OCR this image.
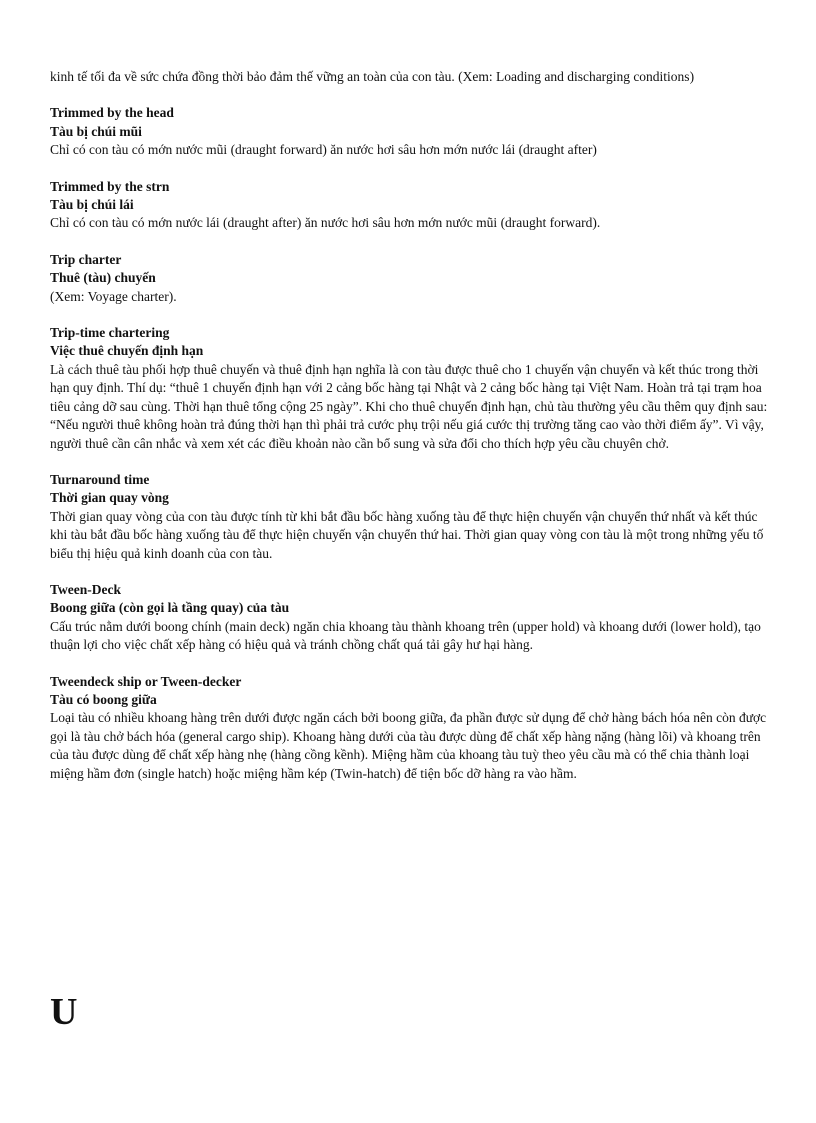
kinh tế tối đa về sức chứa đồng thời bảo đảm thế vững an toàn của con tàu. (Xem: Loading and discharging conditions)

Trimmed by the head
Tàu bị chúi mũi
Chỉ có con tàu có mớn nước mũi (draught forward) ăn nước hơi sâu hơn mớn nước lái (draught after)
Trimmed by the strn
Tàu bị chúi lái
Chỉ có con tàu có mớn nước lái (draught after) ăn nước hơi sâu hơn mớn nước mũi (draught forward).
Trip charter
Thuê (tàu) chuyến
(Xem: Voyage charter).
Trip-time chartering
Việc thuê chuyến định hạn
Là cách thuê tàu phối hợp thuê chuyến và thuê định hạn nghĩa là con tàu được thuê cho 1 chuyến vận chuyển và kết thúc trong thời hạn quy định. Thí dụ: “thuê 1 chuyến định hạn với 2 cảng bốc hàng tại Nhật và 2 cảng bốc hàng tại Việt Nam. Hoàn trả tại trạm hoa tiêu cảng dỡ sau cùng. Thời hạn thuê tổng cộng 25 ngày”. Khi cho thuê chuyến định hạn, chủ tàu thường yêu cầu thêm quy định sau: “Nếu người thuê không hoàn trả đúng thời hạn thì phải trả cước phụ trội nếu giá cước thị trường tăng cao vào thời điểm ấy”. Vì vậy, người thuê cần cân nhắc và xem xét các điều khoản nào cần bổ sung và sửa đổi cho thích hợp yêu cầu chuyên chở.
Turnaround time
Thời gian quay vòng
Thời gian quay vòng của con tàu được tính từ khi bắt đầu bốc hàng xuống tàu để thực hiện chuyến vận chuyển thứ nhất và kết thúc khi tàu bắt đầu bốc hàng xuống tàu để thực hiện chuyến vận chuyển thứ hai. Thời gian quay vòng con tàu là một trong những yếu tố biểu thị hiệu quả kinh doanh của con tàu.
Tween-Deck
Boong giữa (còn gọi là tầng quay) của tàu
Cấu trúc nằm dưới boong chính (main deck) ngăn chia khoang tàu thành khoang trên (upper hold) và khoang dưới (lower hold), tạo thuận lợi cho việc chất xếp hàng có hiệu quả và tránh chồng chất quá tải gây hư hại hàng.
Tweendeck ship or Tween-decker
Tàu có boong giữa
Loại tàu có nhiều khoang hàng trên dưới được ngăn cách bởi boong giữa, đa phần được sử dụng để chở hàng bách hóa nên còn được gọi là tàu chở bách hóa (general cargo ship). Khoang hàng dưới của tàu được dùng để chất xếp hàng nặng (hàng lõi) và khoang trên của tàu được dùng để chất xếp hàng nhẹ (hàng cồng kềnh). Miệng hầm của khoang tàu tuỳ theo yêu cầu mà có thể chia thành loại miệng hầm đơn (single hatch) hoặc miệng hầm kép (Twin-hatch) để tiện bốc dỡ hàng ra vào hầm.
U
